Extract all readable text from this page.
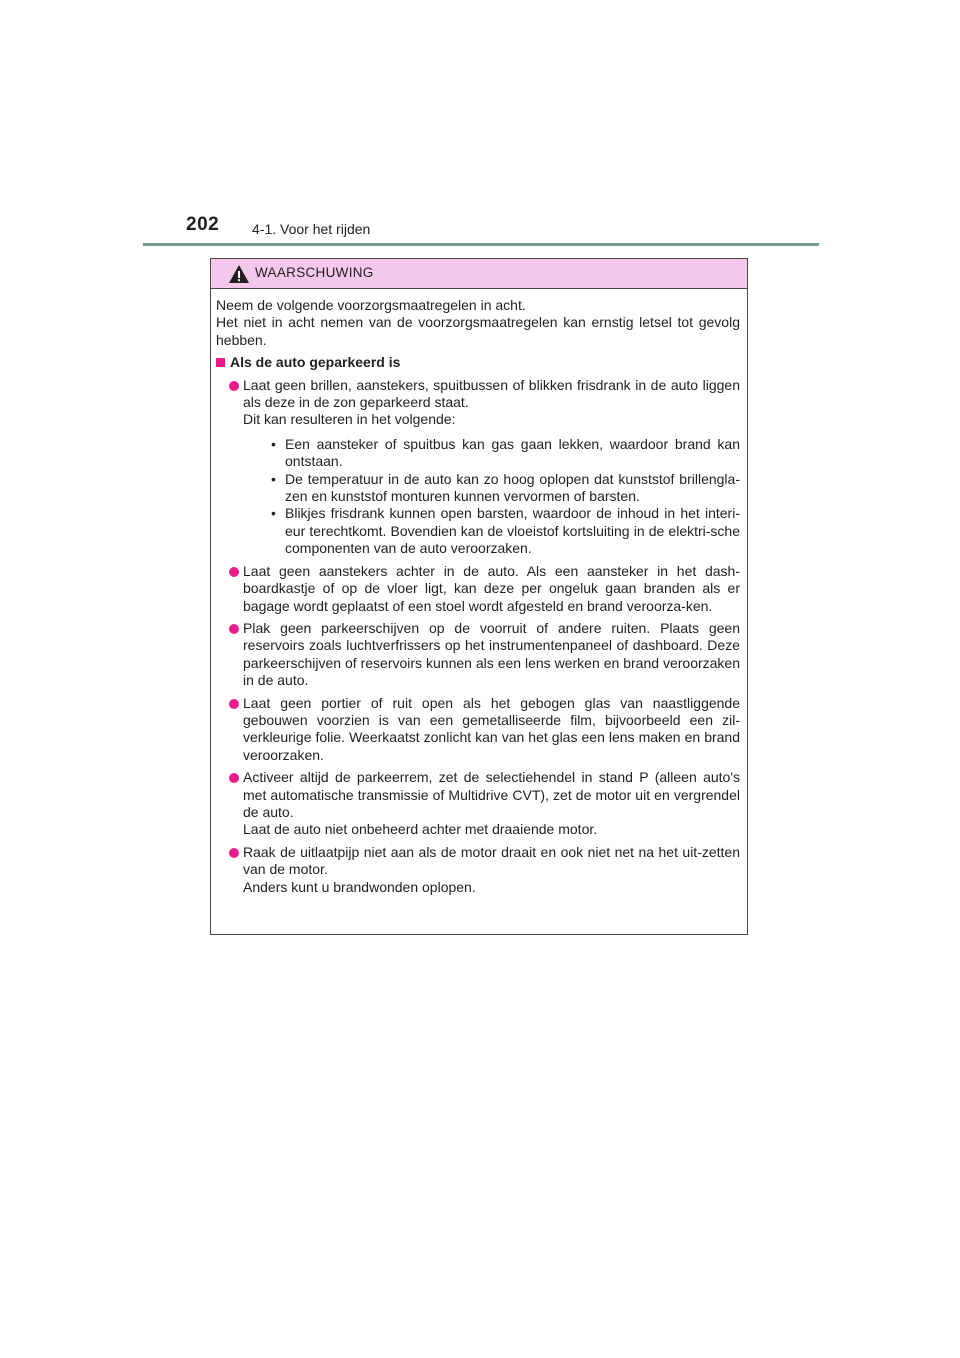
202 4-1. Voor het rijden
WAARSCHUWING

Neem de volgende voorzorgsmaatregelen in acht.

Het niet in acht nemen van de voorzorgsmaatregelen kan ernstig letsel tot gevolg hebben.

Als de auto geparkeerd is

Laat geen brillen, aanstekers, spuitbussen of blikken frisdrank in de auto liggen als deze in de zon geparkeerd staat.

Dit kan resulteren in het volgende:

• Een aansteker of spuitbus kan gas gaan lekken, waardoor brand kan ontstaan.

• De temperatuur in de auto kan zo hoog oplopen dat kunststof brillengla-zen en kunststof monturen kunnen vervormen of barsten.

• Blikjes frisdrank kunnen open barsten, waardoor de inhoud in het interi-eur terechtkomt. Bovendien kan de vloeistof kortsluiting in de elektri-sche componenten van de auto veroorzaken.

Laat geen aanstekers achter in de auto. Als een aansteker in het dash-boardkastje of op de vloer ligt, kan deze per ongeluk gaan branden als er bagage wordt geplaatst of een stoel wordt afgesteld en brand veroorza-ken.

Plak geen parkeerschijven op de voorruit of andere ruiten. Plaats geen reservoirs zoals luchtverfrissers op het instrumentenpaneel of dashboard. Deze parkeerschijven of reservoirs kunnen als een lens werken en brand veroorzaken in de auto.

Laat geen portier of ruit open als het gebogen glas van naastliggende gebouwen voorzien is van een gemetalliseerde film, bijvoorbeeld een zil-verkleurige folie. Weerkaatst zonlicht kan van het glas een lens maken en brand veroorzaken.

Activeer altijd de parkeerrem, zet de selectiehendel in stand P (alleen auto's met automatische transmissie of Multidrive CVT), zet de motor uit en vergrendel de auto.

Laat de auto niet onbeheerd achter met draaiende motor.

Raak de uitlaatpijp niet aan als de motor draait en ook niet net na het uit-zetten van de motor.

Anders kunt u brandwonden oplopen.
